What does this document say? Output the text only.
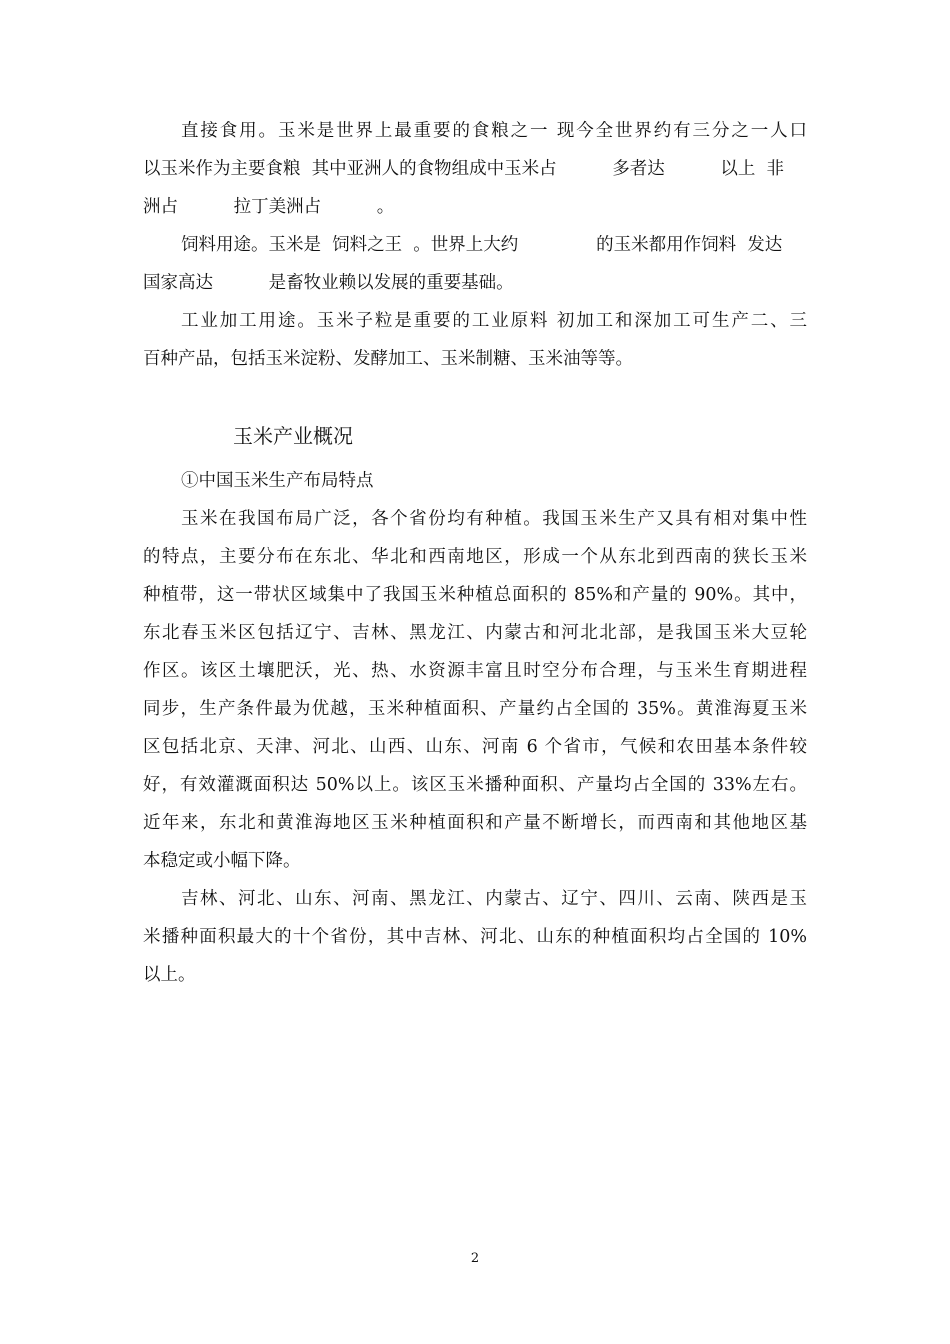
直接食用。玉米是世界上最重要的食粮之一 现今全世界约有三分之一人口
以玉米作为主要食粮  其中亚洲人的食物组成中玉米占          多者达          以上  非
洲占          拉丁美洲占          。
饲料用途。玉米是  饲料之王  。世界上大约              的玉米都用作饲料  发达
国家高达          是畜牧业赖以发展的重要基础。
工业加工用途。玉米子粒是重要的工业原料 初加工和深加工可生产二、三
百种产品，包括玉米淀粉、发酵加工、玉米制糖、玉米油等等。
玉米产业概况
①中国玉米生产布局特点
玉米在我国布局广泛，各个省份均有种植。我国玉米生产又具有相对集中性
的特点，主要分布在东北、华北和西南地区，形成一个从东北到西南的狭长玉米
种植带，这一带状区域集中了我国玉米种植总面积的 85%和产量的 90%。其中，
东北春玉米区包括辽宁、吉林、黑龙江、内蒙古和河北北部，是我国玉米大豆轮
作区。该区土壤肥沃，光、热、水资源丰富且时空分布合理，与玉米生育期进程
同步，生产条件最为优越，玉米种植面积、产量约占全国的 35%。黄淮海夏玉米
区包括北京、天津、河北、山西、山东、河南 6 个省市，气候和农田基本条件较
好，有效灌溉面积达 50%以上。该区玉米播种面积、产量均占全国的 33%左右。
近年来，东北和黄淮海地区玉米种植面积和产量不断增长，而西南和其他地区基
本稳定或小幅下降。
吉林、河北、山东、河南、黑龙江、内蒙古、辽宁、四川、云南、陕西是玉
米播种面积最大的十个省份，其中吉林、河北、山东的种植面积均占全国的 10%
以上。
2
